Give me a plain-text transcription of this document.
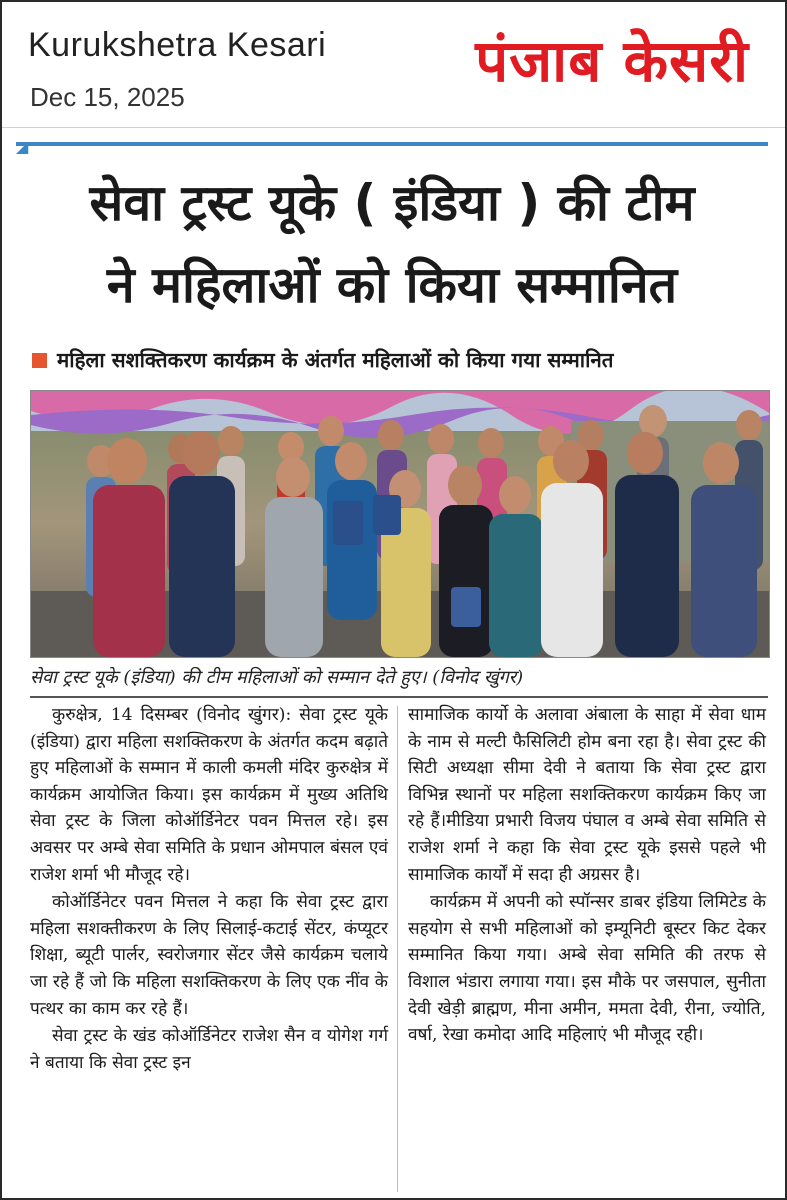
Kurukshetra Kesari
Dec 15, 2025
पंजाब केसरी
◢
सेवा ट्रस्ट यूके ( इंडिया ) की टीम
ने महिलाओं को किया सम्मानित
महिला सशक्तिकरण कार्यक्रम के अंतर्गत महिलाओं को किया गया सम्मानित
सेवा ट्रस्ट यूके (इंडिया) की टीम महिलाओं को सम्मान देते हुए। (विनोद खुंगर)

कुरुक्षेत्र, 14 दिसम्बर (विनोद खुंगर): सेवा ट्रस्ट यूके (इंडिया) द्वारा महिला सशक्तिकरण के अंतर्गत कदम बढ़ाते हुए महिलाओं के सम्मान में काली कमली मंदिर कुरुक्षेत्र में कार्यक्रम आयोजित किया। इस कार्यक्रम में मुख्य अतिथि सेवा ट्रस्ट के जिला कोऑर्डिनेटर पवन मित्तल रहे। इस अवसर पर अम्बे सेवा समिति के प्रधान ओमपाल बंसल एवं राजेश शर्मा भी मौजूद रहे।

कोऑर्डिनेटर पवन मित्तल ने कहा कि सेवा ट्रस्ट द्वारा महिला सशक्तीकरण के लिए सिलाई-कटाई सेंटर, कंप्यूटर शिक्षा, ब्यूटी पार्लर, स्वरोजगार सेंटर जैसे कार्यक्रम चलाये जा रहे हैं जो कि महिला सशक्तिकरण के लिए एक नींव के पत्थर का काम कर रहे हैं।

सेवा ट्रस्ट के खंड कोऑर्डिनेटर राजेश सैन व योगेश गर्ग ने बताया कि सेवा ट्रस्ट इन

सामाजिक कार्यो के अलावा अंबाला के साहा में सेवा धाम के नाम से मल्टी फैसिलिटी होम बना रहा है। सेवा ट्रस्ट की सिटी अध्यक्षा सीमा देवी ने बताया कि सेवा ट्रस्ट द्वारा विभिन्न स्थानों पर महिला सशक्तिकरण कार्यक्रम किए जा रहे हैं।मीडिया प्रभारी विजय पंघाल व अम्बे सेवा समिति से राजेश शर्मा ने कहा कि सेवा ट्रस्ट यूके इससे पहले भी सामाजिक कार्यों में सदा ही अग्रसर है।

कार्यक्रम में अपनी को स्पॉन्सर डाबर इंडिया लिमिटेड के सहयोग से सभी महिलाओं को इम्यूनिटी बूस्टर किट देकर सम्मानित किया गया। अम्बे सेवा समिति की तरफ से विशाल भंडारा लगाया गया। इस मौके पर जसपाल, सुनीता देवी खेड़ी ब्राह्मण, मीना अमीन, ममता देवी, रीना, ज्योति, वर्षा, रेखा कमोदा आदि महिलाएं भी मौजूद रही।
